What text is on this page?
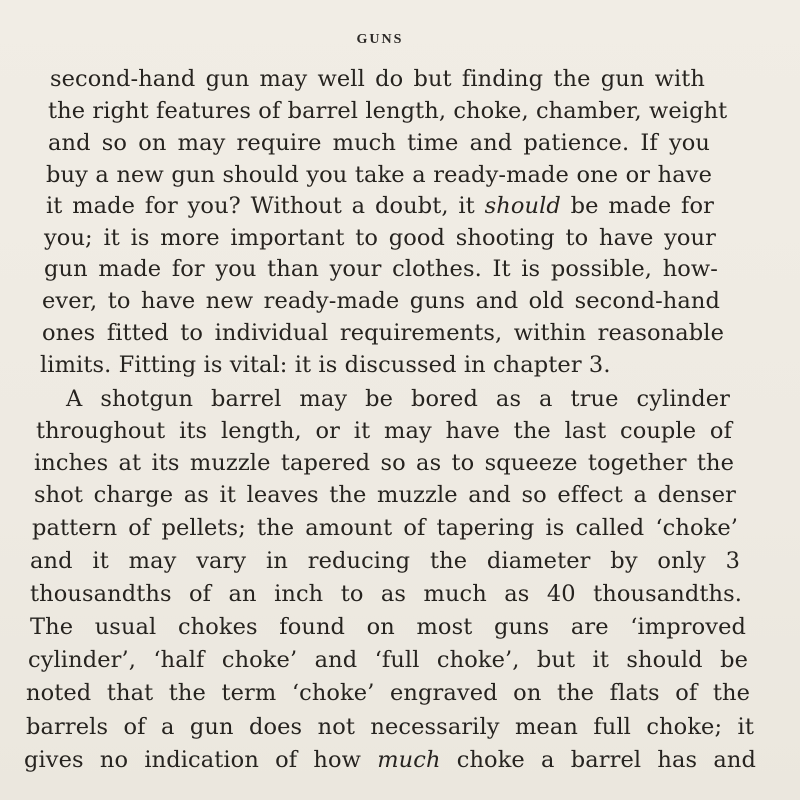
GUNS
second-hand gun may well do but finding the gun with
the right features of barrel length, choke, chamber, weight
and so on may require much time and patience. If you
buy a new gun should you take a ready-made one or have
it made for you? Without a doubt, it should be made for
you; it is more important to good shooting to have your
gun made for you than your clothes. It is possible, how-
ever, to have new ready-made guns and old second-hand
ones fitted to individual requirements, within reasonable
limits. Fitting is vital: it is discussed in chapter 3.
A shotgun barrel may be bored as a true cylinder
throughout its length, or it may have the last couple of
inches at its muzzle tapered so as to squeeze together the
shot charge as it leaves the muzzle and so effect a denser
pattern of pellets; the amount of tapering is called ‘choke’
and it may vary in reducing the diameter by only 3
thousandths of an inch to as much as 40 thousandths.
The usual chokes found on most guns are ‘improved
cylinder’, ‘half choke’ and ‘full choke’, but it should be
noted that the term ‘choke’ engraved on the flats of the
barrels of a gun does not necessarily mean full choke; it
gives no indication of how much choke a barrel has and
